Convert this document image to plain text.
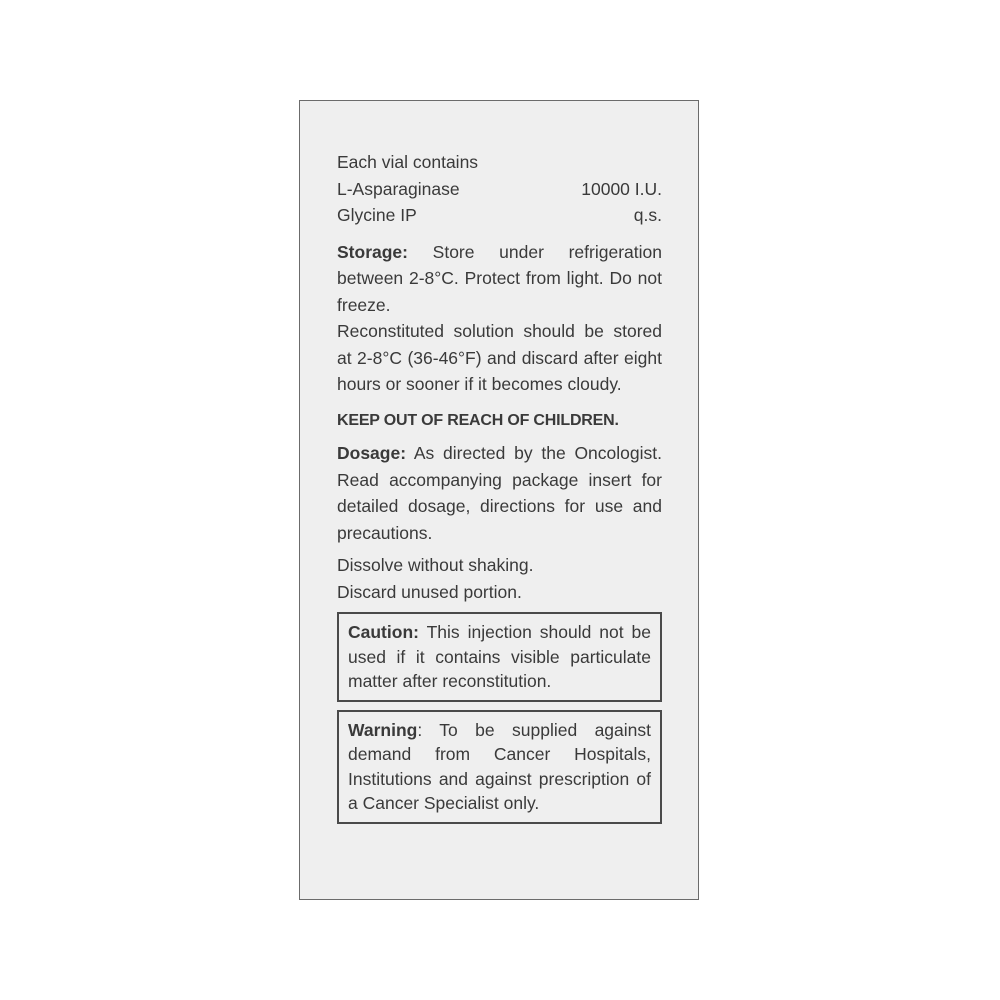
Each vial contains
L-Asparaginase	10000 I.U.
Glycine IP	q.s.

Storage: Store under refrigeration between 2-8°C. Protect from light. Do not freeze.

Reconstituted solution should be stored at 2-8°C (36-46°F) and discard after eight hours or sooner if it becomes cloudy.

KEEP OUT OF REACH OF CHILDREN.

Dosage: As directed by the Oncologist. Read accompanying package insert for detailed dosage, directions for use and precautions.

Dissolve without shaking.
Discard unused portion.
Caution: This injection should not be used if it contains visible particulate matter after reconstitution.
Warning: To be supplied against demand from Cancer Hospitals, Institutions and against prescription of a Cancer Specialist only.
